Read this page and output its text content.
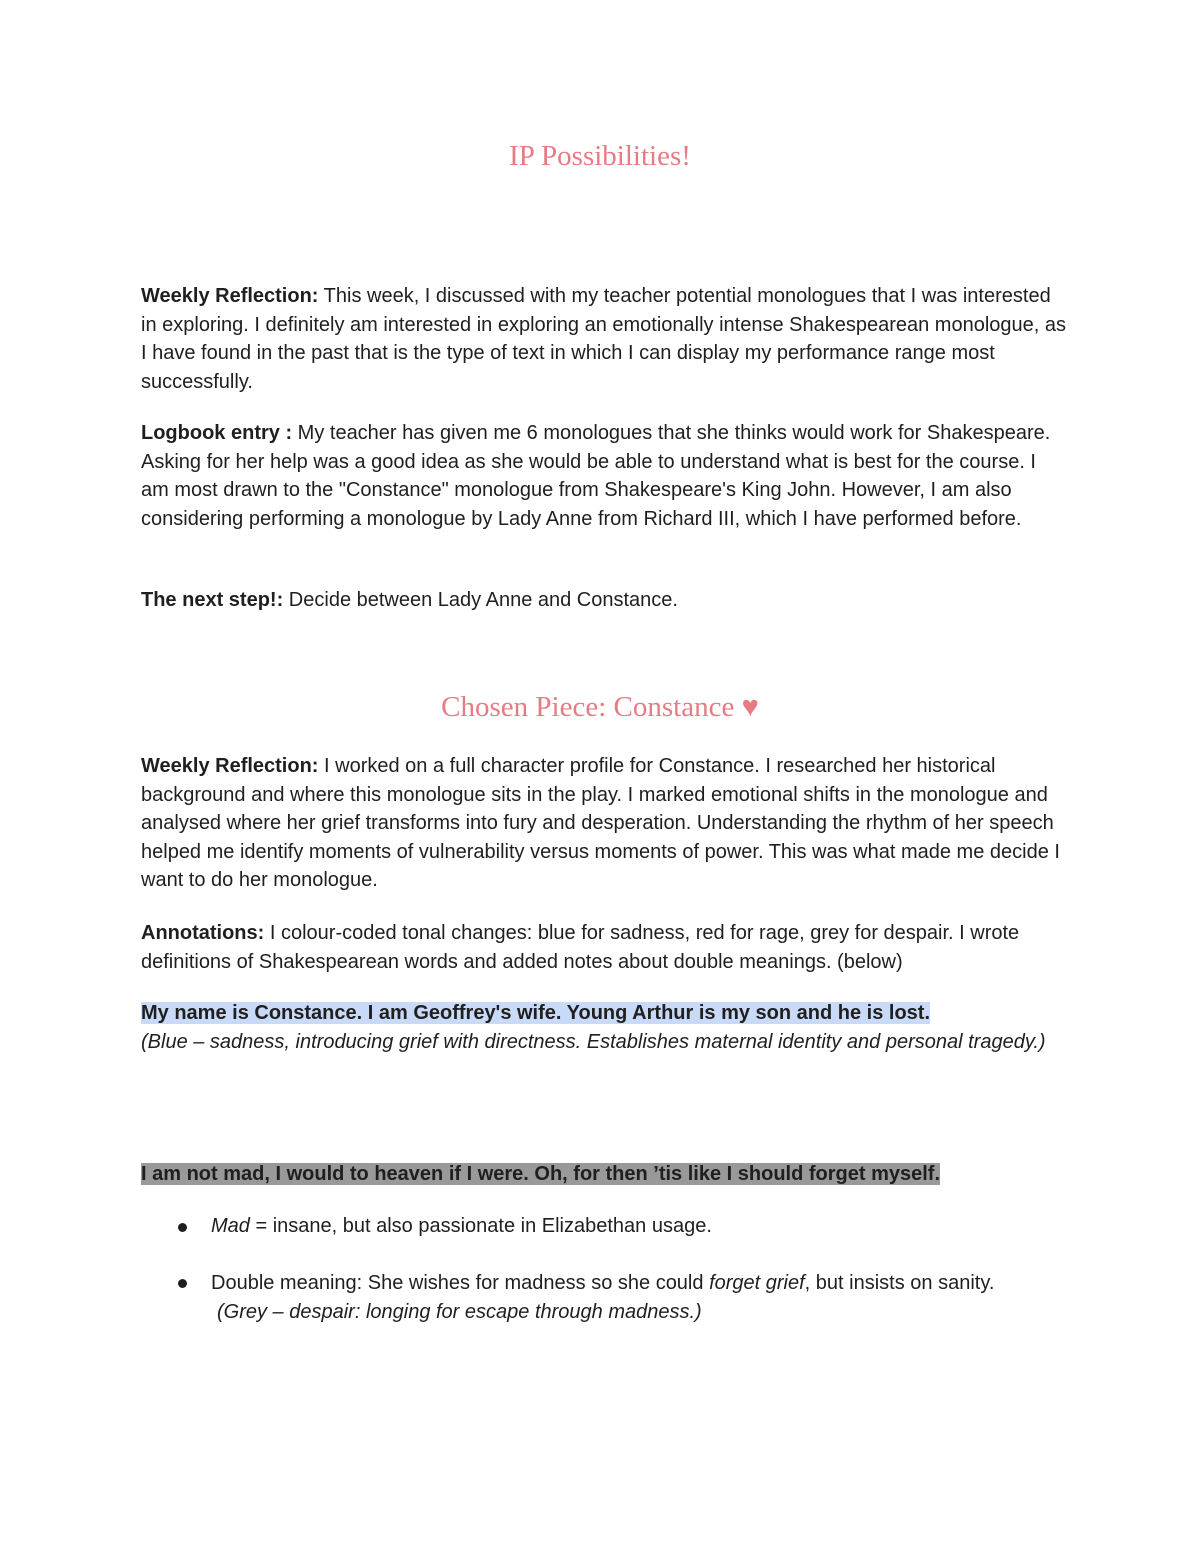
IP Possibilities!

Weekly Reflection: This week, I discussed with my teacher potential monologues that I was interested in exploring. I definitely am interested in exploring an emotionally intense Shakespearean monologue, as I have found in the past that is the type of text in which I can display my performance range most successfully.

Logbook entry : My teacher has given me 6 monologues that she thinks would work for Shakespeare. Asking for her help was a good idea as she would be able to understand what is best for the course. I am most drawn to the "Constance" monologue from Shakespeare's King John. However, I am also considering performing a monologue by Lady Anne from Richard III, which I have performed before.

The next step!: Decide between Lady Anne and Constance.

Chosen Piece: Constance ♥

Weekly Reflection: I worked on a full character profile for Constance. I researched her historical background and where this monologue sits in the play. I marked emotional shifts in the monologue and analysed where her grief transforms into fury and desperation. Understanding the rhythm of her speech helped me identify moments of vulnerability versus moments of power. This was what made me decide I want to do her monologue.

Annotations: I colour-coded tonal changes: blue for sadness, red for rage, grey for despair. I wrote definitions of Shakespearean words and added notes about double meanings. (below)

My name is Constance. I am Geoffrey's wife. Young Arthur is my son and he is lost.
(Blue – sadness, introducing grief with directness. Establishes maternal identity and personal tragedy.)

I am not mad, I would to heaven if I were. Oh, for then ’tis like I should forget myself.

Mad = insane, but also passionate in Elizabethan usage.

Double meaning: She wishes for madness so she could forget grief, but insists on sanity.
(Grey – despair: longing for escape through madness.)
